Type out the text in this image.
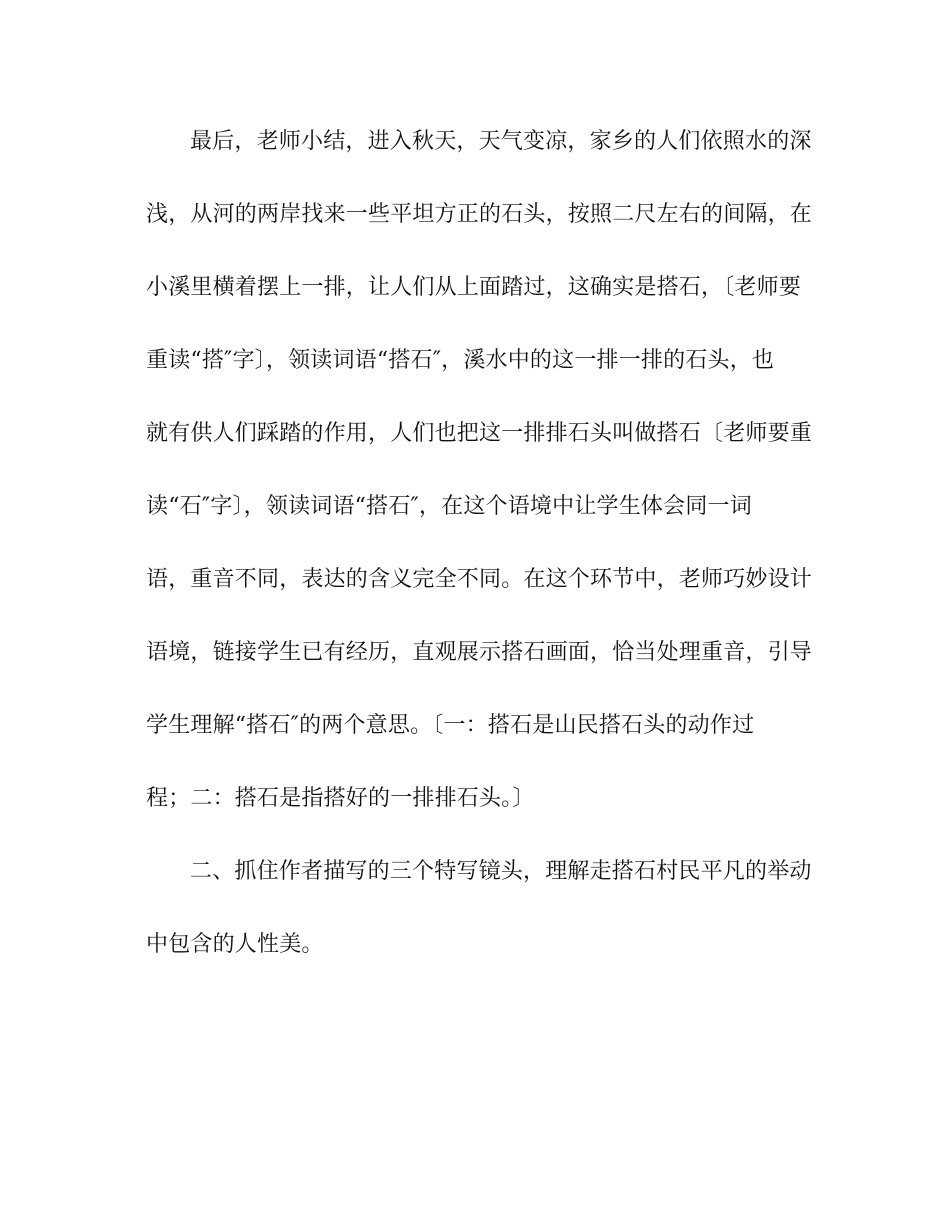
最后，老师小结，进入秋天，天气变凉，家乡的人们依照水的深
浅，从河的两岸找来一些平坦方正的石头，按照二尺左右的间隔，在
小溪里横着摆上一排，让人们从上面踏过，这确实是搭石，〔老师要
重读“搭″字〕，领读词语“搭石″，溪水中的这一排一排的石头，也
就有供人们踩踏的作用，人们也把这一排排石头叫做搭石〔老师要重
读“石″字〕，领读词语“搭石″，在这个语境中让学生体会同一词
语，重音不同，表达的含义完全不同。在这个环节中，老师巧妙设计
语境，链接学生已有经历，直观展示搭石画面，恰当处理重音，引导
学生理解“搭石″的两个意思。〔一：搭石是山民搭石头的动作过
程；二：搭石是指搭好的一排排石头。〕
二、抓住作者描写的三个特写镜头，理解走搭石村民平凡的举动
中包含的人性美。
